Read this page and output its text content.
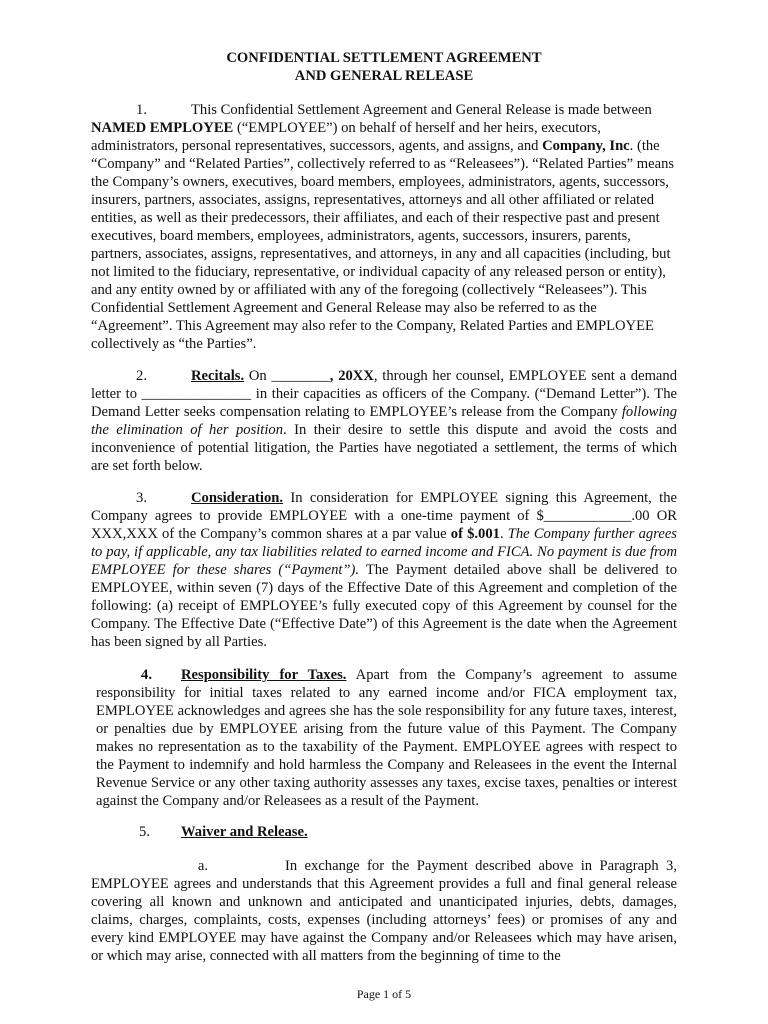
CONFIDENTIAL SETTLEMENT AGREEMENT
AND GENERAL RELEASE

1.	This Confidential Settlement Agreement and General Release is made between NAMED EMPLOYEE (“EMPLOYEE”) on behalf of herself and her heirs, executors, administrators, personal representatives, successors, agents, and assigns, and Company, Inc. (the “Company” and “Related Parties”, collectively referred to as “Releasees”). “Related Parties” means the Company’s owners, executives, board members, employees, administrators, agents, successors, insurers, partners, associates, assigns, representatives, attorneys and all other affiliated or related entities, as well as their predecessors, their affiliates, and each of their respective past and present executives, board members, employees, administrators, agents, successors, insurers, parents, partners, associates, assigns, representatives, and attorneys, in any and all capacities (including, but not limited to the fiduciary, representative, or individual capacity of any released person or entity), and any entity owned by or affiliated with any of the foregoing (collectively “Releasees”). This Confidential Settlement Agreement and General Release may also be referred to as the “Agreement”. This Agreement may also refer to the Company, Related Parties and EMPLOYEE collectively as “the Parties”.

2.	Recitals. On ________, 20XX, through her counsel, EMPLOYEE sent a demand letter to _______________ in their capacities as officers of the Company. (“Demand Letter”). The Demand Letter seeks compensation relating to EMPLOYEE’s release from the Company following the elimination of her position. In their desire to settle this dispute and avoid the costs and inconvenience of potential litigation, the Parties have negotiated a settlement, the terms of which are set forth below.

3.	Consideration. In consideration for EMPLOYEE signing this Agreement, the Company agrees to provide EMPLOYEE with a one-time payment of $____________.00 OR XXX,XXX of the Company’s common shares at a par value of $.001. The Company further agrees to pay, if applicable, any tax liabilities related to earned income and FICA. No payment is due from EMPLOYEE for these shares (“Payment”). The Payment detailed above shall be delivered to EMPLOYEE, within seven (7) days of the Effective Date of this Agreement and completion of the following: (a) receipt of EMPLOYEE’s fully executed copy of this Agreement by counsel for the Company. The Effective Date (“Effective Date”) of this Agreement is the date when the Agreement has been signed by all Parties.

4. Responsibility for Taxes. Apart from the Company’s agreement to assume responsibility for initial taxes related to any earned income and/or FICA employment tax, EMPLOYEE acknowledges and agrees she has the sole responsibility for any future taxes, interest, or penalties due by EMPLOYEE arising from the future value of this Payment. The Company makes no representation as to the taxability of the Payment. EMPLOYEE agrees with respect to the Payment to indemnify and hold harmless the Company and Releasees in the event the Internal Revenue Service or any other taxing authority assesses any taxes, excise taxes, penalties or interest against the Company and/or Releasees as a result of the Payment.

5. Waiver and Release.

a.	In exchange for the Payment described above in Paragraph 3, EMPLOYEE agrees and understands that this Agreement provides a full and final general release covering all known and unknown and anticipated and unanticipated injuries, debts, damages, claims, charges, complaints, costs, expenses (including attorneys’ fees) or promises of any and every kind EMPLOYEE may have against the Company and/or Releasees which may have arisen, or which may arise, connected with all matters from the beginning of time to the

Page 1 of 5
